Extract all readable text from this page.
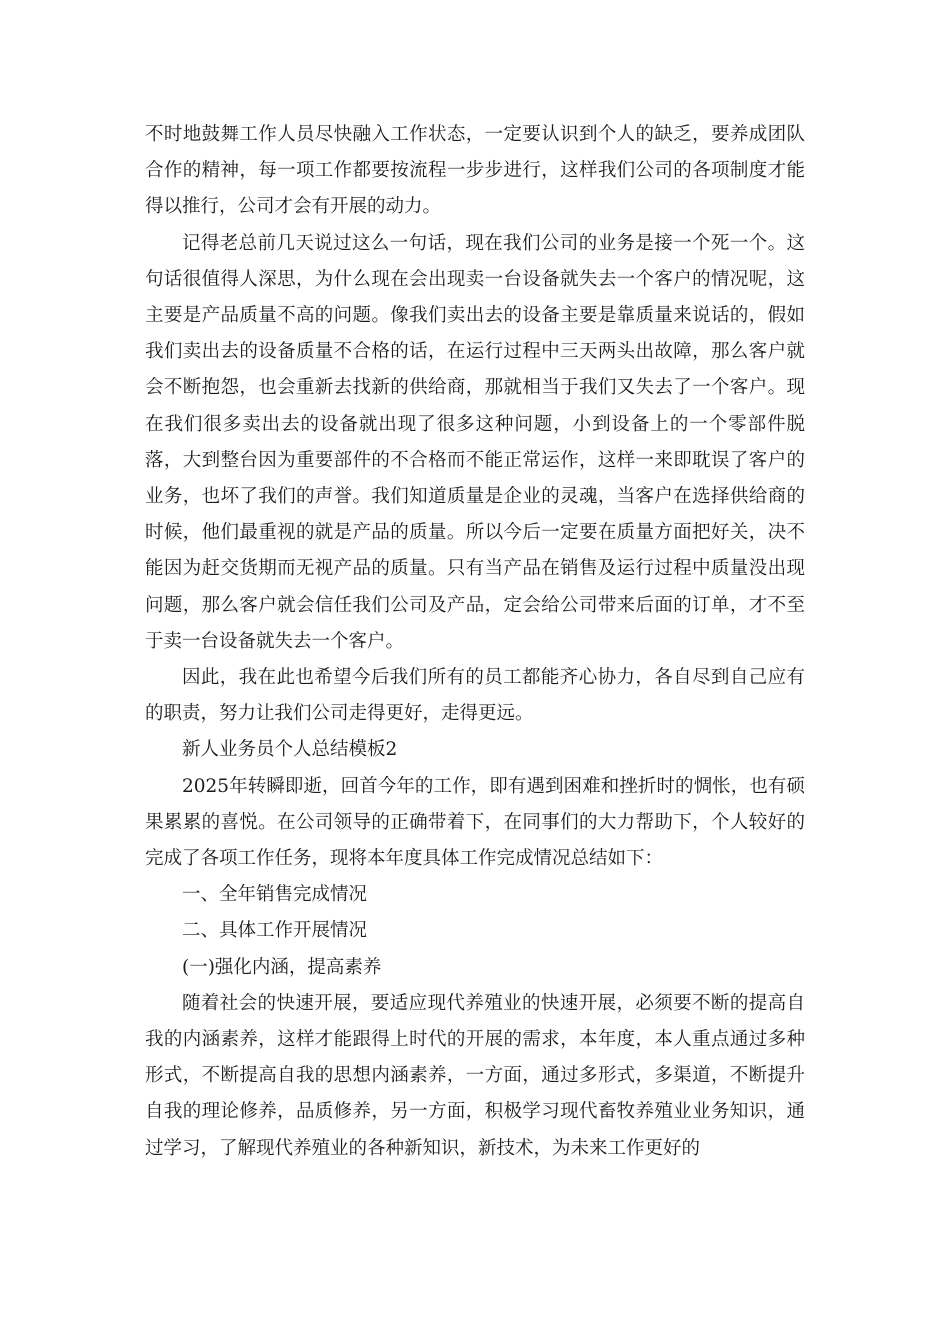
不时地鼓舞工作人员尽快融入工作状态，一定要认识到个人的缺乏，要养成团队合作的精神，每一项工作都要按流程一步步进行，这样我们公司的各项制度才能得以推行，公司才会有开展的动力。

记得老总前几天说过这么一句话，现在我们公司的业务是接一个死一个。这句话很值得人深思，为什么现在会出现卖一台设备就失去一个客户的情况呢，这主要是产品质量不高的问题。像我们卖出去的设备主要是靠质量来说话的，假如我们卖出去的设备质量不合格的话，在运行过程中三天两头出故障，那么客户就会不断抱怨，也会重新去找新的供给商，那就相当于我们又失去了一个客户。现在我们很多卖出去的设备就出现了很多这种问题，小到设备上的一个零部件脱落，大到整台因为重要部件的不合格而不能正常运作，这样一来即耽误了客户的业务，也坏了我们的声誉。我们知道质量是企业的灵魂，当客户在选择供给商的时候，他们最重视的就是产品的质量。所以今后一定要在质量方面把好关，决不能因为赶交货期而无视产品的质量。只有当产品在销售及运行过程中质量没出现问题，那么客户就会信任我们公司及产品，定会给公司带来后面的订单，才不至于卖一台设备就失去一个客户。

因此，我在此也希望今后我们所有的员工都能齐心协力，各自尽到自己应有的职责，努力让我们公司走得更好，走得更远。

新人业务员个人总结模板2

2025年转瞬即逝，回首今年的工作，即有遇到困难和挫折时的惆怅，也有硕果累累的喜悦。在公司领导的正确带着下，在同事们的大力帮助下，个人较好的完成了各项工作任务，现将本年度具体工作完成情况总结如下：

一、全年销售完成情况

二、具体工作开展情况

(一)强化内涵，提高素养

随着社会的快速开展，要适应现代养殖业的快速开展，必须要不断的提高自我的内涵素养，这样才能跟得上时代的开展的需求，本年度，本人重点通过多种形式，不断提高自我的思想内涵素养，一方面，通过多形式，多渠道，不断提升自我的理论修养，品质修养，另一方面，积极学习现代畜牧养殖业业务知识，通过学习，了解现代养殖业的各种新知识，新技术，为未来工作更好的
